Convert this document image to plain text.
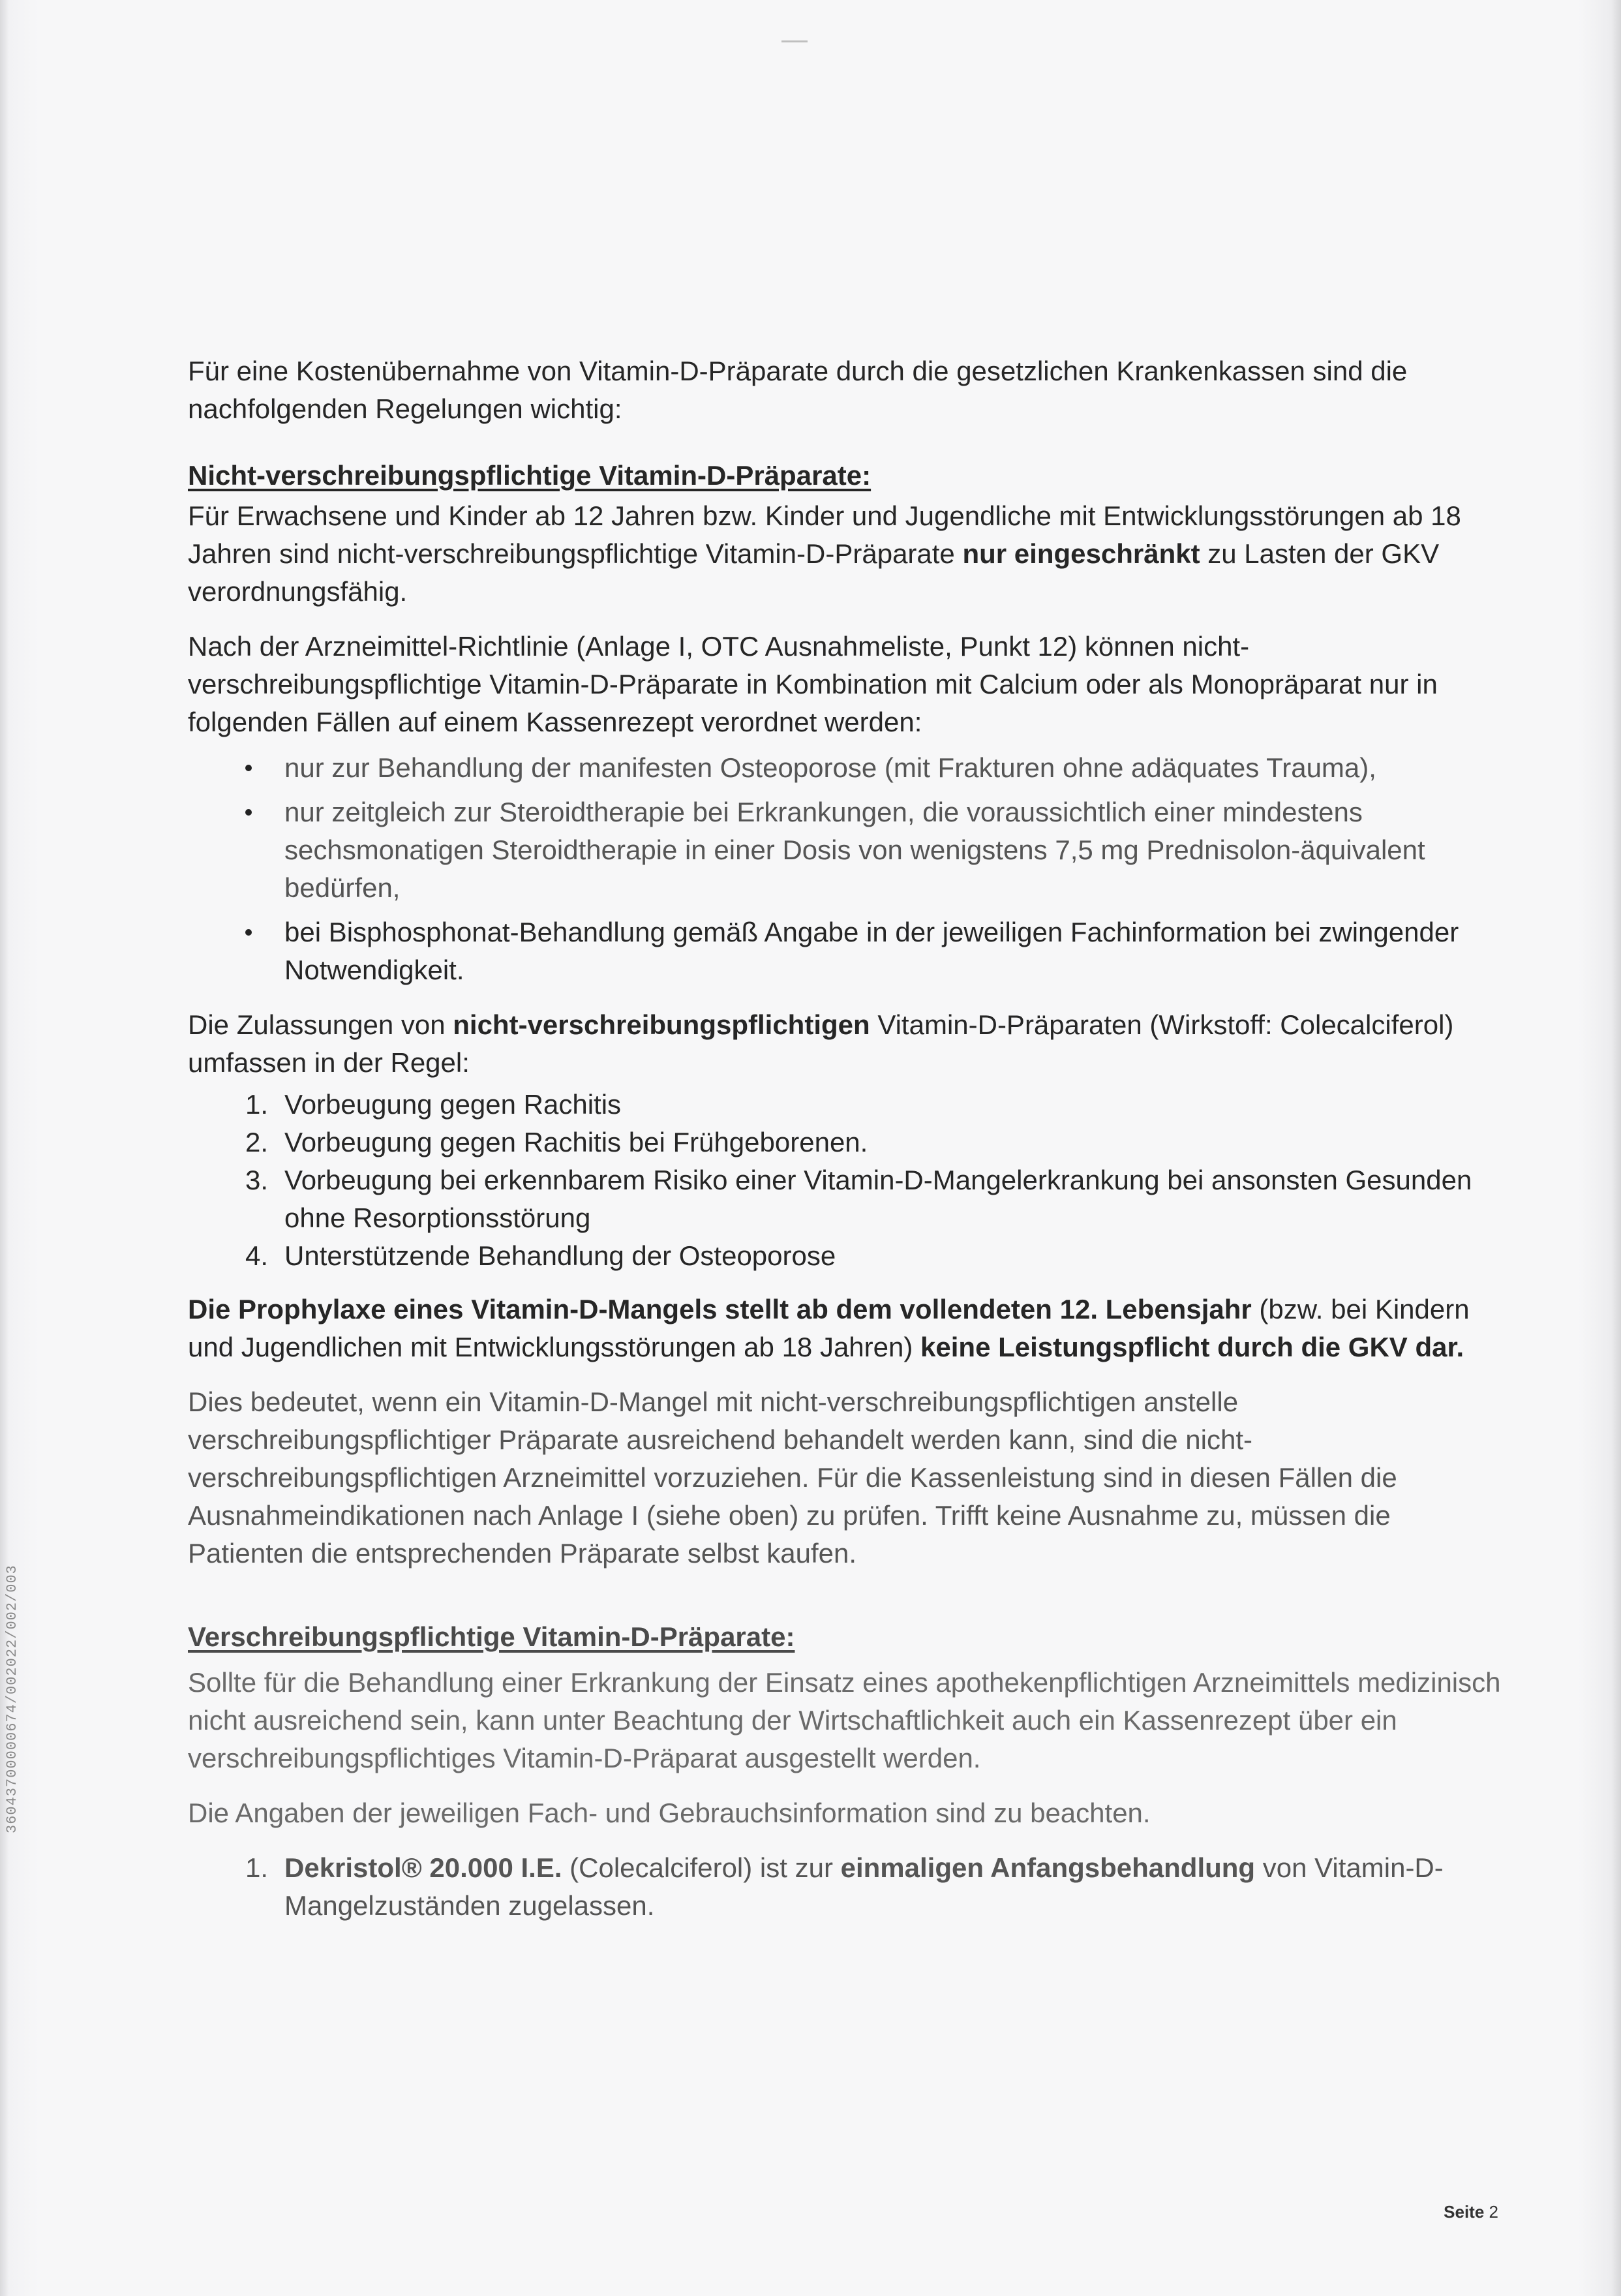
Für eine Kostenübernahme von Vitamin-D-Präparate durch die gesetzlichen Krankenkassen sind die nachfolgenden Regelungen wichtig:

Nicht-verschreibungspflichtige Vitamin-D-Präparate:

Für Erwachsene und Kinder ab 12 Jahren bzw. Kinder und Jugendliche mit Entwicklungsstörungen ab 18 Jahren sind nicht-verschreibungspflichtige Vitamin-D-Präparate nur eingeschränkt zu Lasten der GKV verordnungsfähig.

Nach der Arzneimittel-Richtlinie (Anlage I, OTC Ausnahmeliste, Punkt 12) können nicht-verschreibungspflichtige Vitamin-D-Präparate in Kombination mit Calcium oder als Monopräparat nur in folgenden Fällen auf einem Kassenrezept verordnet werden:

nur zur Behandlung der manifesten Osteoporose (mit Frakturen ohne adäquates Trauma),
nur zeitgleich zur Steroidtherapie bei Erkrankungen, die voraussichtlich einer mindestens sechsmonatigen Steroidtherapie in einer Dosis von wenigstens 7,5 mg Prednisolon-äquivalent bedürfen,
bei Bisphosphonat-Behandlung gemäß Angabe in der jeweiligen Fachinformation bei zwingender Notwendigkeit.

Die Zulassungen von nicht-verschreibungspflichtigen Vitamin-D-Präparaten (Wirkstoff: Colecalciferol) umfassen in der Regel:

1. Vorbeugung gegen Rachitis
2. Vorbeugung gegen Rachitis bei Frühgeborenen.
3. Vorbeugung bei erkennbarem Risiko einer Vitamin-D-Mangelerkrankung bei ansonsten Gesunden ohne Resorptionsstörung
4. Unterstützende Behandlung der Osteoporose

Die Prophylaxe eines Vitamin-D-Mangels stellt ab dem vollendeten 12. Lebensjahr (bzw. bei Kindern und Jugendlichen mit Entwicklungsstörungen ab 18 Jahren) keine Leistungspflicht durch die GKV dar.

Dies bedeutet, wenn ein Vitamin-D-Mangel mit nicht-verschreibungspflichtigen anstelle verschreibungspflichtiger Präparate ausreichend behandelt werden kann, sind die nicht-verschreibungspflichtigen Arzneimittel vorzuziehen. Für die Kassenleistung sind in diesen Fällen die Ausnahmeindikationen nach Anlage I (siehe oben) zu prüfen. Trifft keine Ausnahme zu, müssen die Patienten die entsprechenden Präparate selbst kaufen.

Verschreibungspflichtige Vitamin-D-Präparate:

Sollte für die Behandlung einer Erkrankung der Einsatz eines apothekenpflichtigen Arzneimittels medizinisch nicht ausreichend sein, kann unter Beachtung der Wirtschaftlichkeit auch ein Kassenrezept über ein verschreibungspflichtiges Vitamin-D-Präparat ausgestellt werden.

Die Angaben der jeweiligen Fach- und Gebrauchsinformation sind zu beachten.

1. Dekristol® 20.000 I.E. (Colecalciferol) ist zur einmaligen Anfangsbehandlung von Vitamin-D-Mangelzuständen zugelassen.
36043700000674/002022/002/003
Seite 2
